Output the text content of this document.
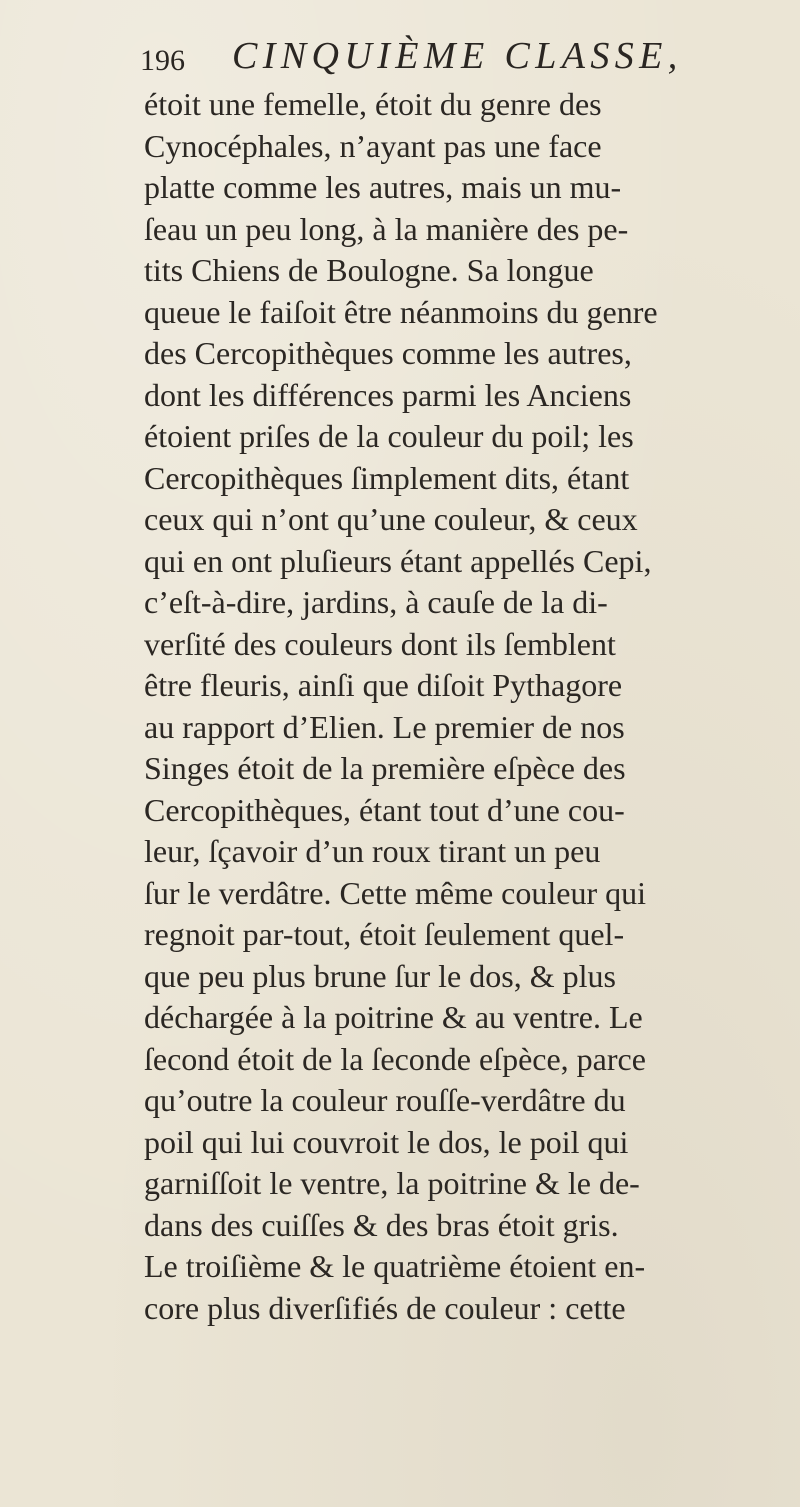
196 CINQUIÈME CLASSE,
étoit une femelle, étoit du genre des
Cynocéphales, n’ayant pas une face
platte comme les autres, mais un mu-
ſeau un peu long, à la manière des pe-
tits Chiens de Boulogne. Sa longue
queue le faiſoit être néanmoins du genre
des Cercopithèques comme les autres,
dont les différences parmi les Anciens
étoient priſes de la couleur du poil; les
Cercopithèques ſimplement dits, étant
ceux qui n’ont qu’une couleur, & ceux
qui en ont pluſieurs étant appellés Cepi,
c’eſt-à-dire, jardins, à cauſe de la di-
verſité des couleurs dont ils ſemblent
être fleuris, ainſi que diſoit Pythagore
au rapport d’Elien. Le premier de nos
Singes étoit de la première eſpèce des
Cercopithèques, étant tout d’une cou-
leur, ſçavoir d’un roux tirant un peu
ſur le verdâtre. Cette même couleur qui
regnoit par-tout, étoit ſeulement quel-
que peu plus brune ſur le dos, & plus
déchargée à la poitrine & au ventre. Le
ſecond étoit de la ſeconde eſpèce, parce
qu’outre la couleur rouſſe-verdâtre du
poil qui lui couvroit le dos, le poil qui
garniſſoit le ventre, la poitrine & le de-
dans des cuiſſes & des bras étoit gris.
Le troiſième & le quatrième étoient en-
core plus diverſifiés de couleur : cette
